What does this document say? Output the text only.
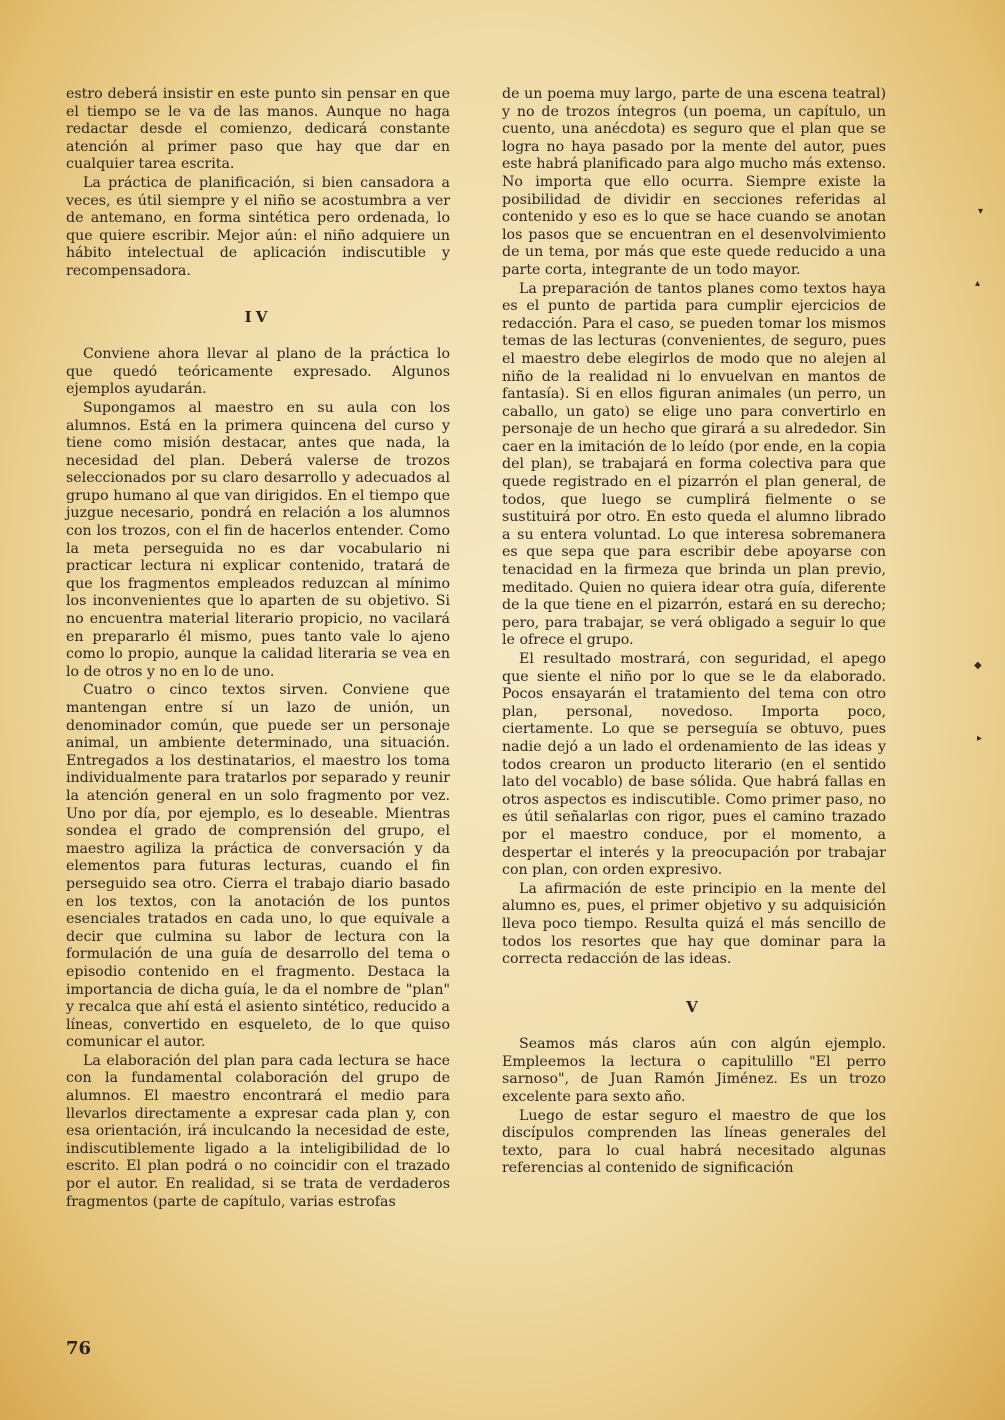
estro deberá insistir en este punto sin pensar en que el tiempo se le va de las manos. Aunque no haga redactar desde el comienzo, dedicará constante atención al primer paso que hay que dar en cualquier tarea escrita.

La práctica de planificación, si bien cansadora a veces, es útil siempre y el niño se acostumbra a ver de antemano, en forma sintética pero ordenada, lo que quiere escribir. Mejor aún: el niño adquiere un hábito intelectual de aplicación indiscutible y recompensadora.

IV

Conviene ahora llevar al plano de la práctica lo que quedó teóricamente expresado. Algunos ejemplos ayudarán.

Supongamos al maestro en su aula con los alumnos. Está en la primera quincena del curso y tiene como misión destacar, antes que nada, la necesidad del plan. Deberá valerse de trozos seleccionados por su claro desarrollo y adecuados al grupo humano al que van dirigidos. En el tiempo que juzgue necesario, pondrá en relación a los alumnos con los trozos, con el fin de hacerlos entender. Como la meta perseguida no es dar vocabulario ni practicar lectura ni explicar contenido, tratará de que los fragmentos empleados reduzcan al mínimo los inconvenientes que lo aparten de su objetivo. Si no encuentra material literario propicio, no vacilará en prepararlo él mismo, pues tanto vale lo ajeno como lo propio, aunque la calidad literaria se vea en lo de otros y no en lo de uno.

Cuatro o cinco textos sirven. Conviene que mantengan entre sí un lazo de unión, un denominador común, que puede ser un personaje animal, un ambiente determinado, una situación. Entregados a los destinatarios, el maestro los toma individualmente para tratarlos por separado y reunir la atención general en un solo fragmento por vez. Uno por día, por ejemplo, es lo deseable. Mientras sondea el grado de comprensión del grupo, el maestro agiliza la práctica de conversación y da elementos para futuras lecturas, cuando el fin perseguido sea otro. Cierra el trabajo diario basado en los textos, con la anotación de los puntos esenciales tratados en cada uno, lo que equivale a decir que culmina su labor de lectura con la formulación de una guía de desarrollo del tema o episodio contenido en el fragmento. Destaca la importancia de dicha guía, le da el nombre de "plan" y recalca que ahí está el asiento sintético, reducido a líneas, convertido en esqueleto, de lo que quiso comunicar el autor.

La elaboración del plan para cada lectura se hace con la fundamental colaboración del grupo de alumnos. El maestro encontrará el medio para llevarlos directamente a expresar cada plan y, con esa orientación, irá inculcando la necesidad de este, indiscutiblemente ligado a la inteligibilidad de lo escrito. El plan podrá o no coincidir con el trazado por el autor. En realidad, si se trata de verdaderos fragmentos (parte de capítulo, varias estrofas

de un poema muy largo, parte de una escena teatral) y no de trozos íntegros (un poema, un capítulo, un cuento, una anécdota) es seguro que el plan que se logra no haya pasado por la mente del autor, pues este habrá planificado para algo mucho más extenso. No importa que ello ocurra. Siempre existe la posibilidad de dividir en secciones referidas al contenido y eso es lo que se hace cuando se anotan los pasos que se encuentran en el desenvolvimiento de un tema, por más que este quede reducido a una parte corta, integrante de un todo mayor.

La preparación de tantos planes como textos haya es el punto de partida para cumplir ejercicios de redacción. Para el caso, se pueden tomar los mismos temas de las lecturas (convenientes, de seguro, pues el maestro debe elegirlos de modo que no alejen al niño de la realidad ni lo envuelvan en mantos de fantasía). Si en ellos figuran animales (un perro, un caballo, un gato) se elige uno para convertirlo en personaje de un hecho que girará a su alrededor. Sin caer en la imitación de lo leído (por ende, en la copia del plan), se trabajará en forma colectiva para que quede registrado en el pizarrón el plan general, de todos, que luego se cumplirá fielmente o se sustituirá por otro. En esto queda el alumno librado a su entera voluntad. Lo que interesa sobremanera es que sepa que para escribir debe apoyarse con tenacidad en la firmeza que brinda un plan previo, meditado. Quien no quiera idear otra guía, diferente de la que tiene en el pizarrón, estará en su derecho; pero, para trabajar, se verá obligado a seguir lo que le ofrece el grupo.

El resultado mostrará, con seguridad, el apego que siente el niño por lo que se le da elaborado. Pocos ensayarán el tratamiento del tema con otro plan, personal, novedoso. Importa poco, ciertamente. Lo que se perseguía se obtuvo, pues nadie dejó a un lado el ordenamiento de las ideas y todos crearon un producto literario (en el sentido lato del vocablo) de base sólida. Que habrá fallas en otros aspectos es indiscutible. Como primer paso, no es útil señalarlas con rigor, pues el camino trazado por el maestro conduce, por el momento, a despertar el interés y la preocupación por trabajar con plan, con orden expresivo.

La afirmación de este principio en la mente del alumno es, pues, el primer objetivo y su adquisición lleva poco tiempo. Resulta quizá el más sencillo de todos los resortes que hay que dominar para la correcta redacción de las ideas.

V

Seamos más claros aún con algún ejemplo. Empleemos la lectura o capitulillo "El perro sarnoso", de Juan Ramón Jiménez. Es un trozo excelente para sexto año.

Luego de estar seguro el maestro de que los discípulos comprenden las líneas generales del texto, para lo cual habrá necesitado algunas referencias al contenido de significación

76
▾
▴
◆
▸
